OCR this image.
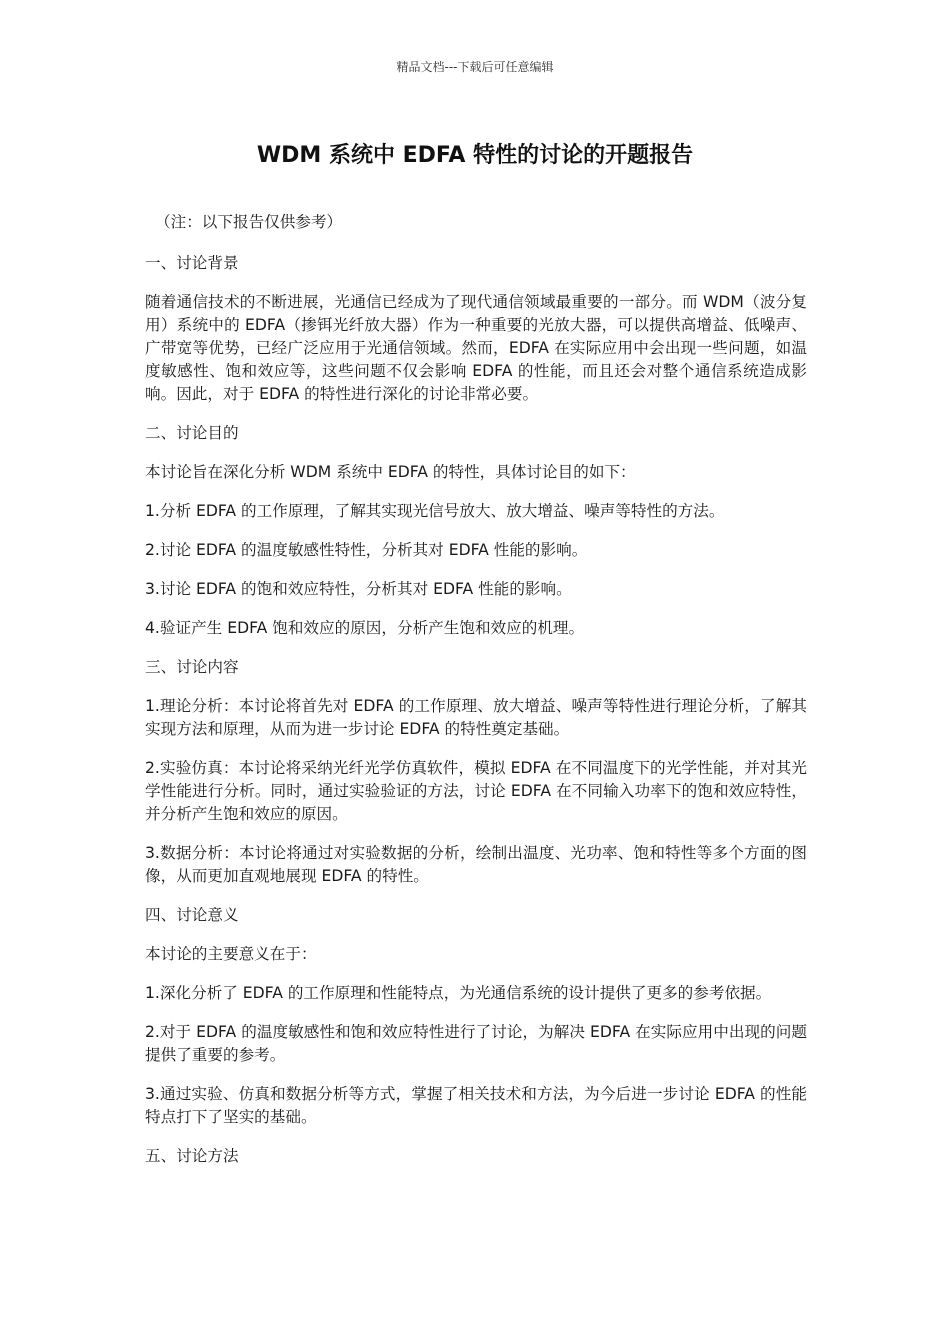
精品文档---下载后可任意编辑
WDM 系统中 EDFA 特性的讨论的开题报告

（注：以下报告仅供参考）

一、讨论背景

随着通信技术的不断进展，光通信已经成为了现代通信领域最重要的一部分。而 WDM（波分复用）系统中的 EDFA（掺铒光纤放大器）作为一种重要的光放大器，可以提供高增益、低噪声、广带宽等优势，已经广泛应用于光通信领域。然而，EDFA 在实际应用中会出现一些问题，如温度敏感性、饱和效应等，这些问题不仅会影响 EDFA 的性能，而且还会对整个通信系统造成影响。因此，对于 EDFA 的特性进行深化的讨论非常必要。

二、讨论目的

本讨论旨在深化分析 WDM 系统中 EDFA 的特性，具体讨论目的如下：

1.分析 EDFA 的工作原理，了解其实现光信号放大、放大增益、噪声等特性的方法。

2.讨论 EDFA 的温度敏感性特性，分析其对 EDFA 性能的影响。

3.讨论 EDFA 的饱和效应特性，分析其对 EDFA 性能的影响。

4.验证产生 EDFA 饱和效应的原因，分析产生饱和效应的机理。

三、讨论内容

1.理论分析：本讨论将首先对 EDFA 的工作原理、放大增益、噪声等特性进行理论分析，了解其实现方法和原理，从而为进一步讨论 EDFA 的特性奠定基础。

2.实验仿真：本讨论将采纳光纤光学仿真软件，模拟 EDFA 在不同温度下的光学性能，并对其光学性能进行分析。同时，通过实验验证的方法，讨论 EDFA 在不同输入功率下的饱和效应特性，并分析产生饱和效应的原因。

3.数据分析：本讨论将通过对实验数据的分析，绘制出温度、光功率、饱和特性等多个方面的图像，从而更加直观地展现 EDFA 的特性。

四、讨论意义

本讨论的主要意义在于：

1.深化分析了 EDFA 的工作原理和性能特点，为光通信系统的设计提供了更多的参考依据。

2.对于 EDFA 的温度敏感性和饱和效应特性进行了讨论，为解决 EDFA 在实际应用中出现的问题提供了重要的参考。

3.通过实验、仿真和数据分析等方式，掌握了相关技术和方法，为今后进一步讨论 EDFA 的性能特点打下了坚实的基础。

五、讨论方法
